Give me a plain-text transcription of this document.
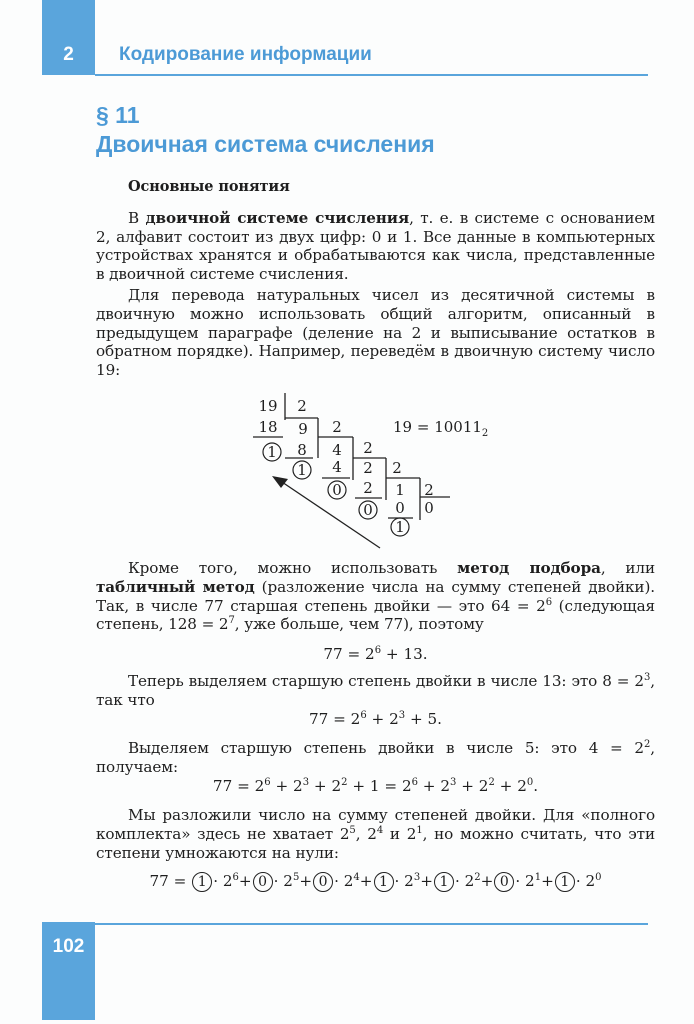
2	Кодирование информации
§ 11
Двоичная система счисления

Основные понятия

В двоичной системе счисления, т. е. в системе с основанием 2, алфавит состоит из двух цифр: 0 и 1. Все данные в компьютерных устройствах хранятся и обрабатываются как числа, представленные в двоичной системе счисления.

Для перевода натуральных чисел из десятичной системы в двоичную можно использовать общий алгоритм, описанный в предыдущем параграфе (деление на 2 и выписывание остатков в обратном порядке). Например, переведём в двоичную систему число 19:

19 2
18 9 2
8 4 2
4 2 2
2 1 2
0 0
1
1
0
0
1
$19 = 10011_2$

Кроме того, можно использовать метод подбора, или табличный метод (разложение числа на сумму степеней двойки). Так, в числе 77 старшая степень двойки — это $64 = 2^6$ (следующая степень, $128 = 2^7$, уже больше, чем 77), поэтому

$77 = 2^6 + 13$.

Теперь выделяем старшую степень двойки в числе 13: это $8 = 2^3$, так что

$77 = 2^6 + 2^3 + 5$.

Выделяем старшую степень двойки в числе 5: это $4 = 2^2$, получаем:

$77 = 2^6 + 2^3 + 2^2 + 1 = 2^6 + 2^3 + 2^2 + 2^0$.

Мы разложили число на сумму степеней двойки. Для «полного комплекта» здесь не хватает $2^5$, $2^4$ и $2^1$, но можно считать, что эти степени умножаются на нули:

$77 = 1 \cdot 2^6+ 0 \cdot 2^5+ 0 \cdot 2^4+ 1 \cdot 2^3+ 1 \cdot 2^2+ 0 \cdot 2^1+ 1 \cdot 2^0$
102
